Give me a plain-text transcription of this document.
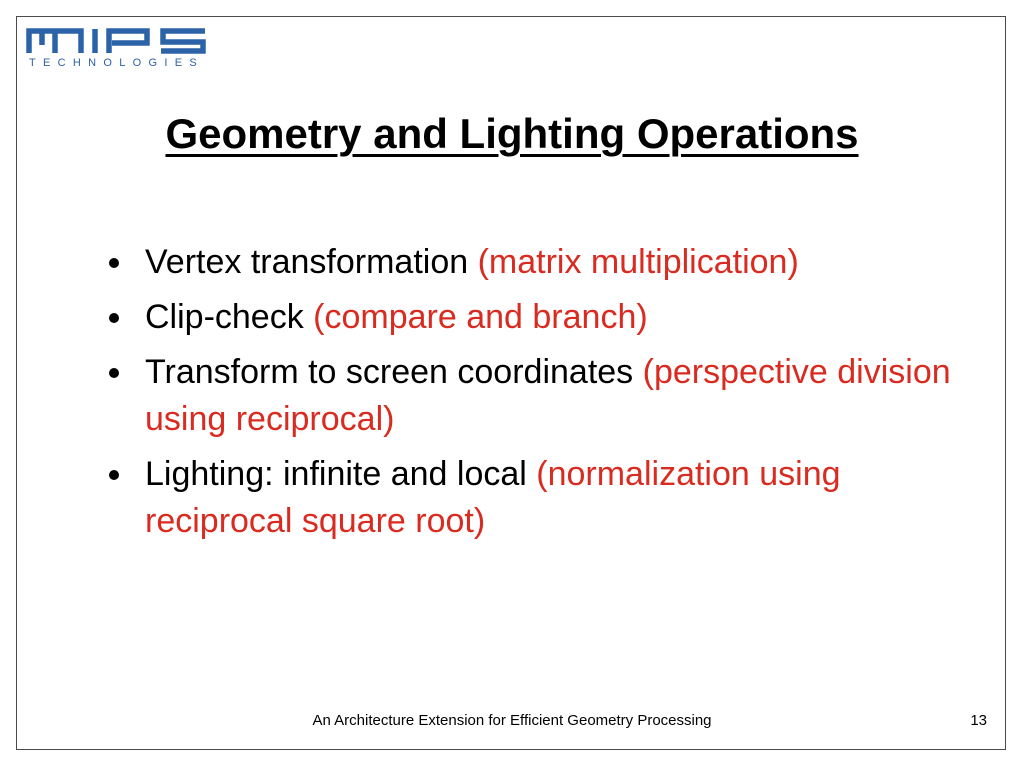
TECHNOLOGIES
Geometry and Lighting Operations
Vertex transformation (matrix multiplication)
Clip-check (compare and branch)
Transform to screen coordinates (perspective division using reciprocal)
Lighting: infinite and local (normalization using reciprocal square root)
An Architecture Extension for Efficient Geometry Processing	13
